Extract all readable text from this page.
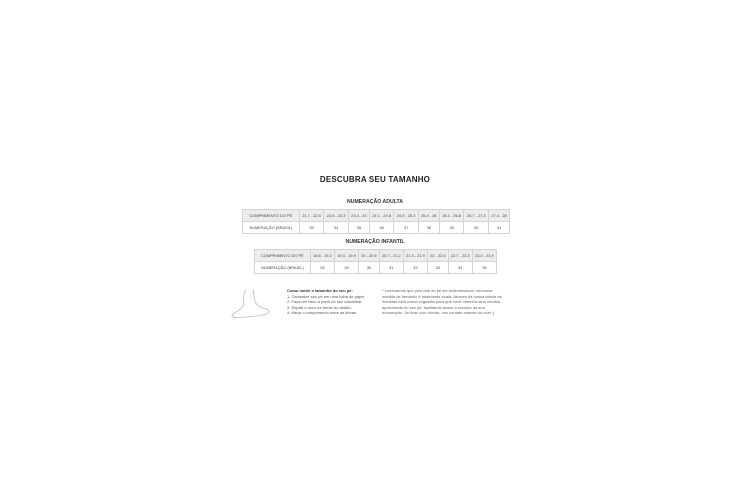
DESCUBRA SEU TAMANHO
NUMERAÇÃO ADULTA
COMPRIMENTO DO PÉ	21.7 - 22.5	22.6 - 23.3	23.4 - 24	24.1 - 24.8	24.9 - 25.3	25.4 - 26	26.1 - 26.8	26.7 - 27.3	27.4 - 28
NUMERAÇÃO (BRASIL)	33	34	35	36	37	38	39	40	41
NUMERAÇÃO INFANTIL
COMPRIMENTO DO PÉ	18.6 - 19.2	19.3 - 19.9	20 - 20.6	20.7 - 21.2	21.3 - 21.9	22 - 22.6	22.7 - 23.3	23.4 - 23.9
NUMERAÇÃO (BRASIL)	28	29	30	31	32	33	34	35
Como medir o tamanho do seu pé:
1. Centralize seu pé em uma folha de papel.
2. Faça um risco a partir do seu calcanhar.
3. Repita o risco na frente do dedão.
4. Meça o comprimento entre as linhas.
* Lembramos que pelo fato do pé ser tridimensional, nenhuma
medida de tamanho é totalmente exata. Através da nossa tabela de
medidas está nossa sugestão para que você obtenha uma medida
aproximada do seu pé, facilitando assim a escolha da sua
numeração. Se ficar com dúvida, nos contate através do chat ;)
